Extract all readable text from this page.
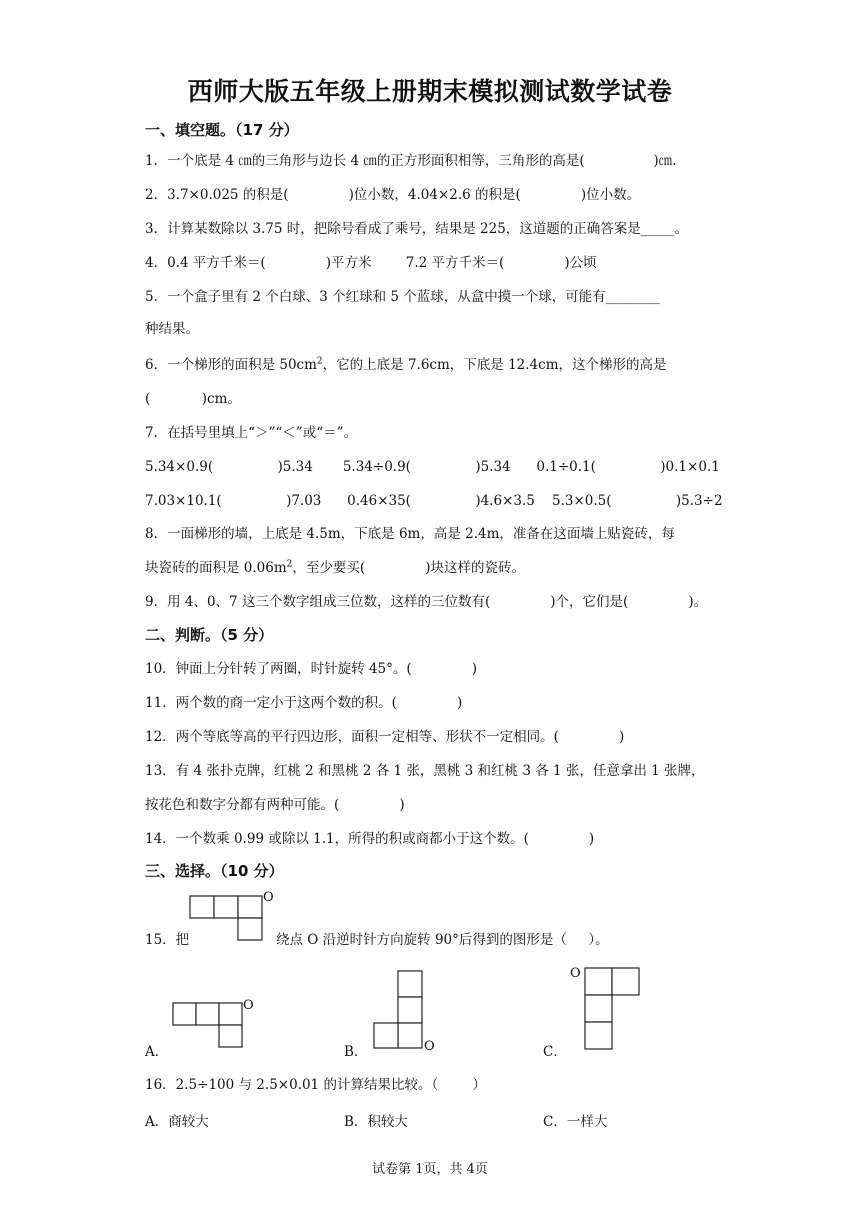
西师大版五年级上册期末模拟测试数学试卷
一、填空题。（17 分）
1．一个底是 4 ㎝的三角形与边长 4 ㎝的正方形面积相等，三角形的高是(                )㎝.
2．3.7×0.025 的积是(              )位小数，4.04×2.6 的积是(              )位小数。
3．计算某数除以 3.75 时，把除号看成了乘号，结果是 225，这道题的正确答案是_____。
4．0.4 平方千米＝(              )平方米        7.2 平方千米＝(              )公顷
5．一个盒子里有 2 个白球、3 个红球和 5 个蓝球，从盒中摸一个球，可能有________
种结果。
6．一个梯形的面积是 $50cm^2$，它的上底是 7.6cm，下底是 12.4cm，这个梯形的高是
(            )cm。
7．在括号里填上“＞”“＜”或“＝”。
5.34×0.9(               )5.34       5.34÷0.9(               )5.34      0.1÷0.1(               )0.1×0.1
7.03×10.1(               )7.03      0.46×35(               )4.6×3.5    5.3×0.5(               )5.3÷2
8．一面梯形的墙，上底是 4.5m，下底是 6m，高是 2.4m，准备在这面墙上贴瓷砖，每
块瓷砖的面积是 $0.06m^2$，至少要买(              )块这样的瓷砖。
9．用 4、0、7 这三个数字组成三位数，这样的三位数有(              )个，它们是(              )。
二、判断。（5 分）
10．钟面上分针转了两圈，时针旋转 45°。(              )
11．两个数的商一定小于这两个数的积。(              )
12．两个等底等高的平行四边形，面积一定相等、形状不一定相同。(              )
13．有 4 张扑克牌，红桃 2 和黑桃 2 各 1 张，黑桃 3 和红桃 3 各 1 张，任意拿出 1 张牌，
按花色和数字分都有两种可能。(              )
14．一个数乘 0.99 或除以 1.1，所得的积或商都小于这个数。(              )
三、选择。（10 分）
15．把
O
绕点 O 沿逆时针方向旋转 90°后得到的图形是（     ）。
A．
O
B．	O	C．
O
16．2.5÷100 与 2.5×0.01 的计算结果比较。（        ）
A．商较大	B．积较大	C．一样大
试卷第 1页，共 4页
